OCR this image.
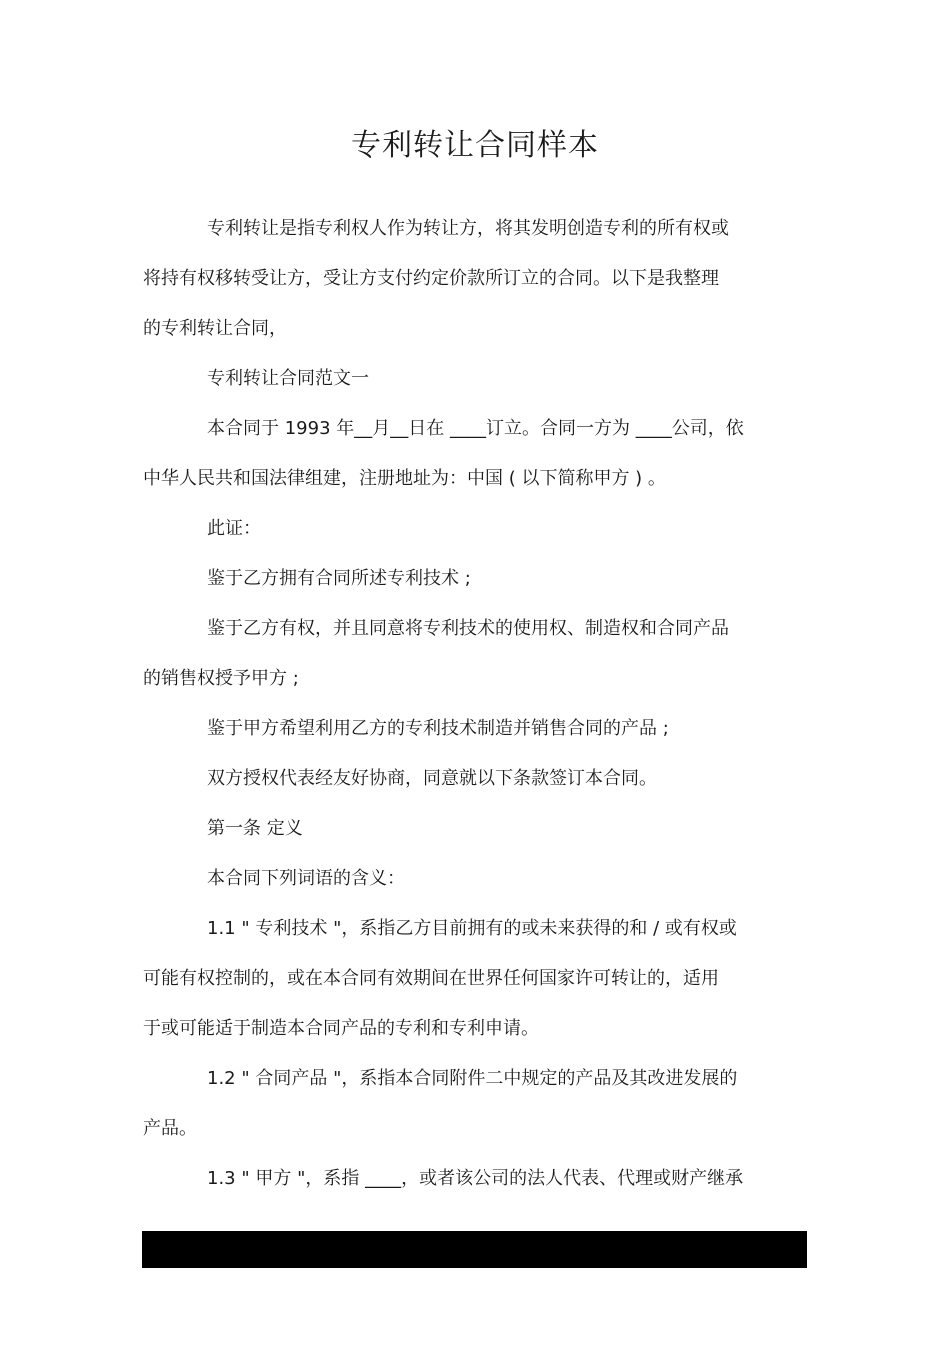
专利转让合同样本
专利转让是指专利权人作为转让方，将其发明创造专利的所有权或
将持有权移转受让方，受让方支付约定价款所订立的合同。以下是我整理
的专利转让合同，
专利转让合同范文一
本合同于 1993 年__月__日在 ____订立。合同一方为 ____公司，依
中华人民共和国法律组建，注册地址为：中国 ( 以下简称甲方 ) 。
此证：
鉴于乙方拥有合同所述专利技术 ;
鉴于乙方有权，并且同意将专利技术的使用权、制造权和合同产品
的销售权授予甲方 ;
鉴于甲方希望利用乙方的专利技术制造并销售合同的产品 ;
双方授权代表经友好协商，同意就以下条款签订本合同。
第一条 定义
本合同下列词语的含义：
1.1 " 专利技术 "，系指乙方目前拥有的或未来获得的和 / 或有权或
可能有权控制的，或在本合同有效期间在世界任何国家许可转让的，适用
于或可能适于制造本合同产品的专利和专利申请。
1.2 " 合同产品 "，系指本合同附件二中规定的产品及其改进发展的
产品。
1.3 " 甲方 "，系指 ____，或者该公司的法人代表、代理或财产继承
